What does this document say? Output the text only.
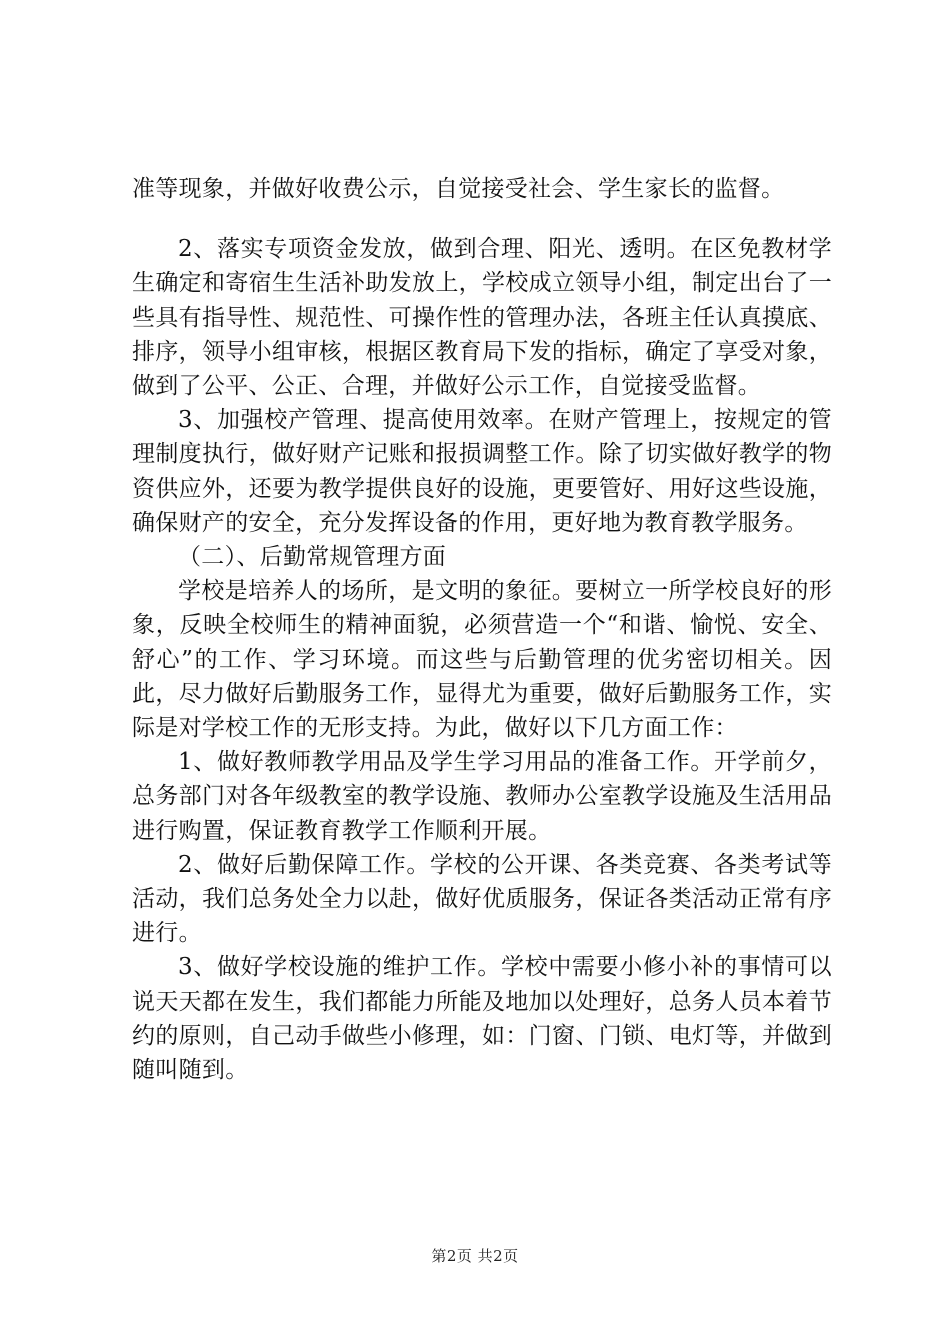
准等现象，并做好收费公示，自觉接受社会、学生家长的监督。

2、落实专项资金发放，做到合理、阳光、透明。在区免教材学生确定和寄宿生生活补助发放上，学校成立领导小组，制定出台了一些具有指导性、规范性、可操作性的管理办法，各班主任认真摸底、排序，领导小组审核，根据区教育局下发的指标，确定了享受对象，做到了公平、公正、合理，并做好公示工作，自觉接受监督。

3、加强校产管理、提高使用效率。在财产管理上，按规定的管理制度执行，做好财产记账和报损调整工作。除了切实做好教学的物资供应外，还要为教学提供良好的设施，更要管好、用好这些设施，确保财产的安全，充分发挥设备的作用，更好地为教育教学服务。

（二）、后勤常规管理方面

学校是培养人的场所，是文明的象征。要树立一所学校良好的形象，反映全校师生的精神面貌，必须营造一个“和谐、愉悦、安全、舒心”的工作、学习环境。而这些与后勤管理的优劣密切相关。因此，尽力做好后勤服务工作，显得尤为重要，做好后勤服务工作，实际是对学校工作的无形支持。为此，做好以下几方面工作：

1、做好教师教学用品及学生学习用品的准备工作。开学前夕，总务部门对各年级教室的教学设施、教师办公室教学设施及生活用品进行购置，保证教育教学工作顺利开展。

2、做好后勤保障工作。学校的公开课、各类竞赛、各类考试等活动，我们总务处全力以赴，做好优质服务，保证各类活动正常有序进行。

3、做好学校设施的维护工作。学校中需要小修小补的事情可以说天天都在发生，我们都能力所能及地加以处理好，总务人员本着节约的原则，自己动手做些小修理，如：门窗、门锁、电灯等，并做到随叫随到。

第2页 共2页
